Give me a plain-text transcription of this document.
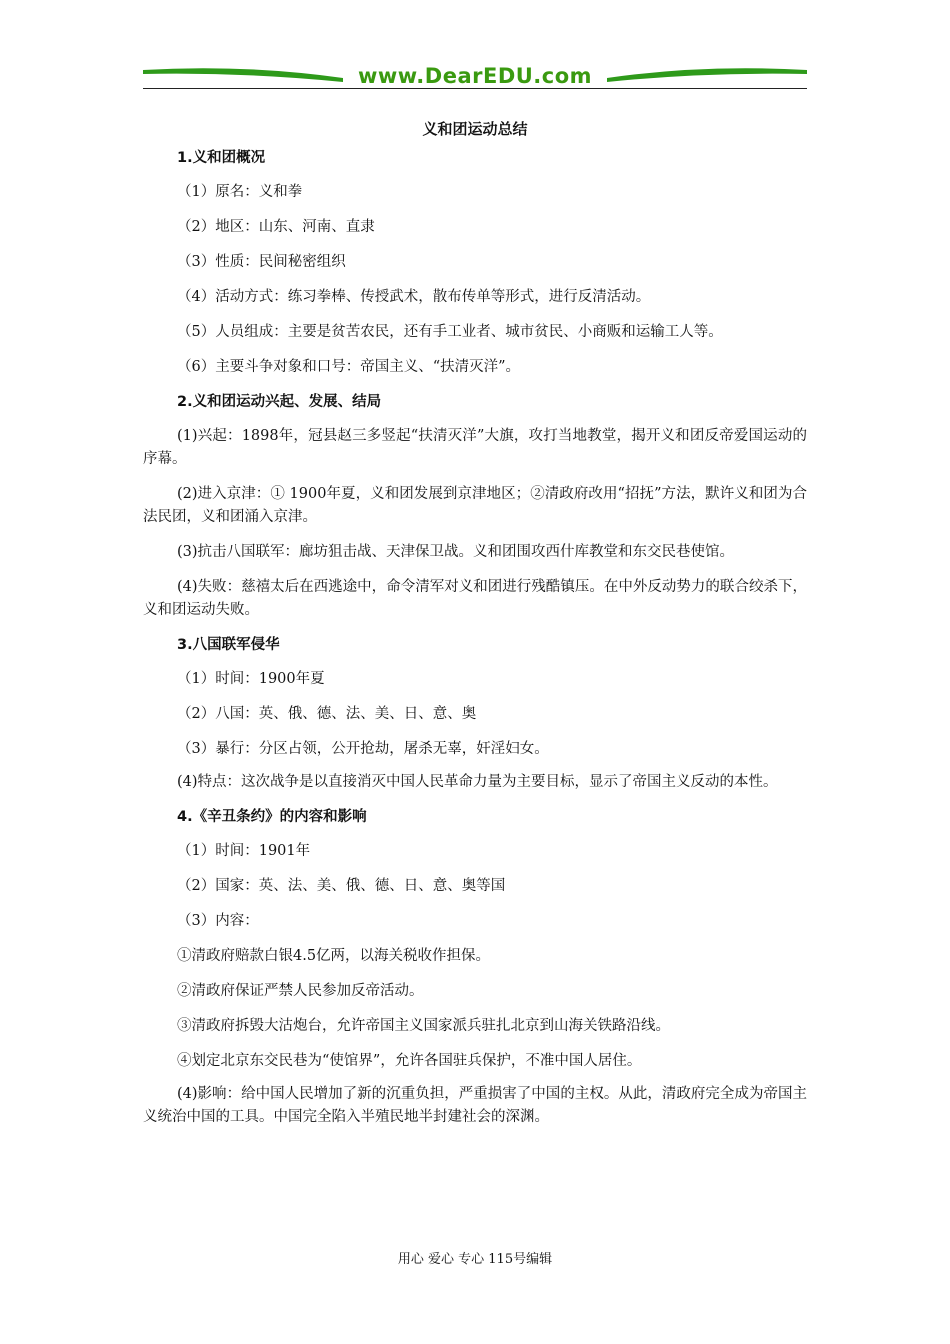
www.DearEDU.com
义和团运动总结
1.义和团概况
（1）原名：义和拳
（2）地区：山东、河南、直隶
（3）性质：民间秘密组织
（4）活动方式：练习拳棒、传授武术，散布传单等形式，进行反清活动。
（5）人员组成：主要是贫苦农民，还有手工业者、城市贫民、小商贩和运输工人等。
（6）主要斗争对象和口号：帝国主义、“扶清灭洋”。
2.义和团运动兴起、发展、结局
(1)兴起：1898年，冠县赵三多竖起“扶清灭洋”大旗，攻打当地教堂，揭开义和团反帝爱国运动的序幕。
(2)进入京津：① 1900年夏，义和团发展到京津地区；②清政府改用“招抚”方法，默许义和团为合法民团，义和团涌入京津。
(3)抗击八国联军：廊坊狙击战、天津保卫战。义和团围攻西什库教堂和东交民巷使馆。
(4)失败：慈禧太后在西逃途中，命令清军对义和团进行残酷镇压。在中外反动势力的联合绞杀下，义和团运动失败。
3.八国联军侵华
（1）时间：1900年夏
（2）八国：英、俄、德、法、美、日、意、奥
（3）暴行：分区占领，公开抢劫，屠杀无辜，奸淫妇女。
(4)特点：这次战争是以直接消灭中国人民革命力量为主要目标，显示了帝国主义反动的本性。
4.《辛丑条约》的内容和影响
（1）时间：1901年
（2）国家：英、法、美、俄、德、日、意、奥等国
（3）内容：
①清政府赔款白银4.5亿两，以海关税收作担保。
②清政府保证严禁人民参加反帝活动。
③清政府拆毁大沽炮台，允许帝国主义国家派兵驻扎北京到山海关铁路沿线。
④划定北京东交民巷为“使馆界”，允许各国驻兵保护，不准中国人居住。
(4)影响：给中国人民增加了新的沉重负担，严重损害了中国的主权。从此，清政府完全成为帝国主义统治中国的工具。中国完全陷入半殖民地半封建社会的深渊。
用心 爱心 专心 115号编辑
